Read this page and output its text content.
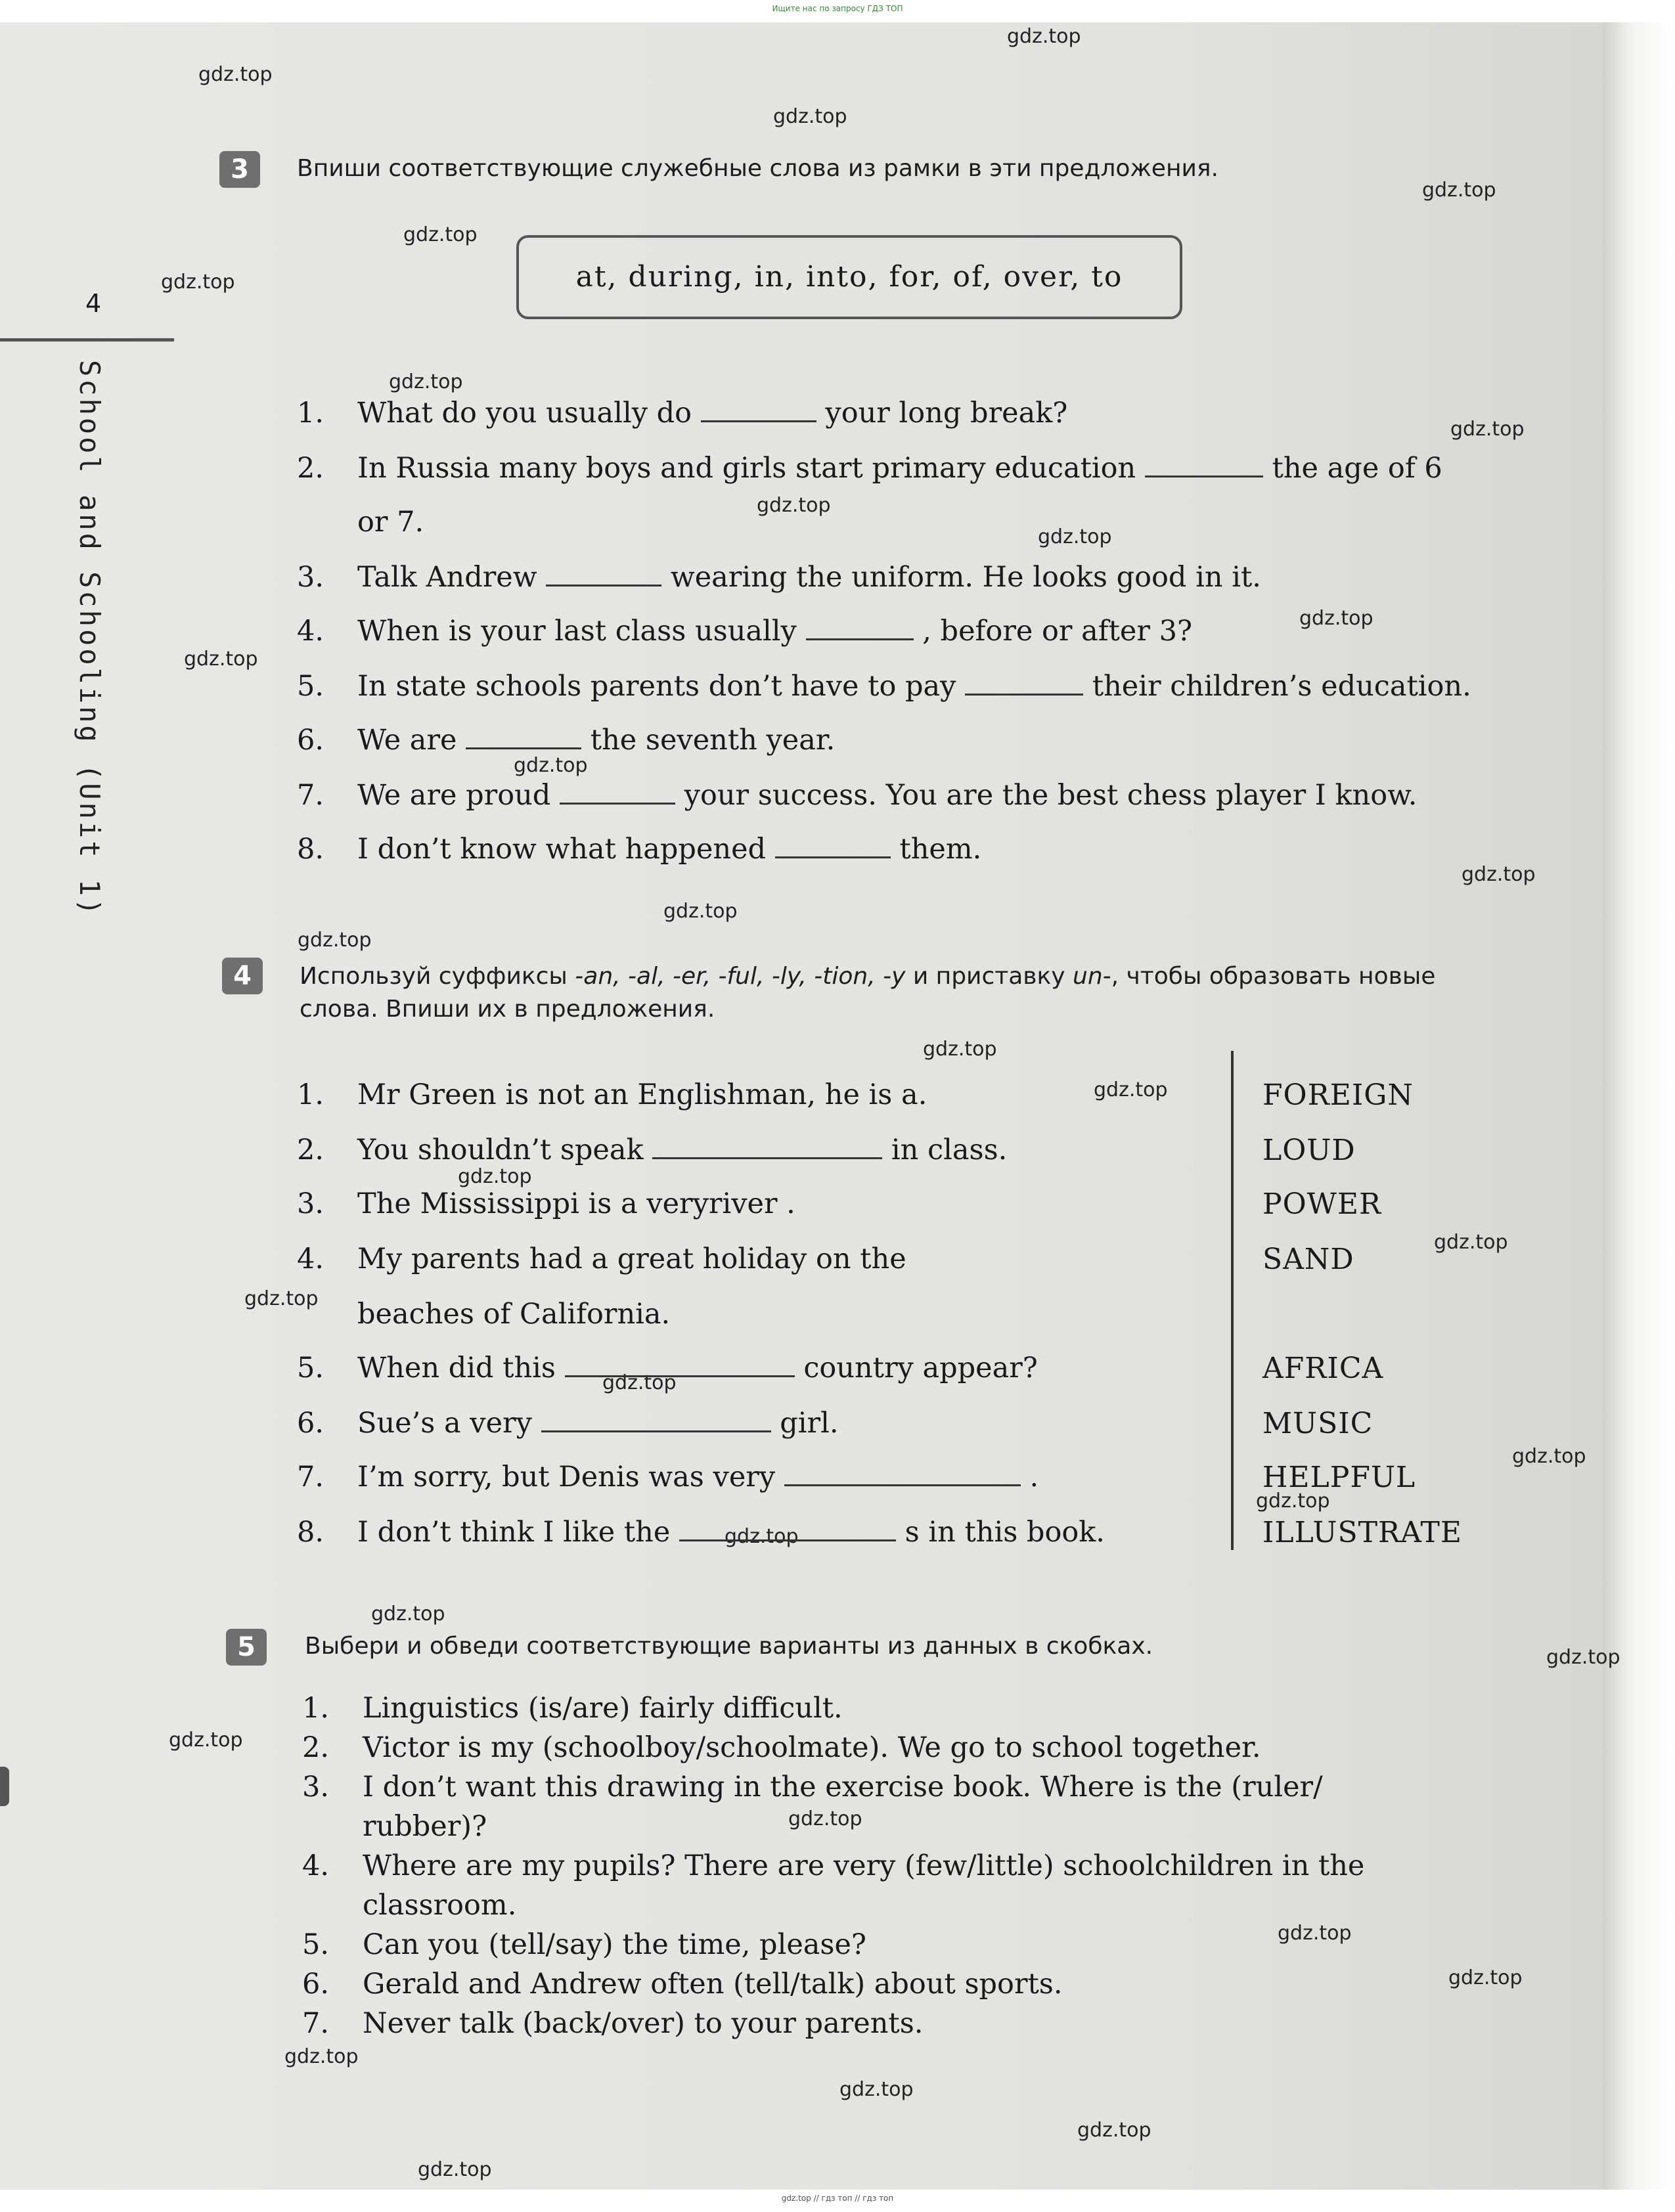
Ищите нас по запросу ГДЗ ТОП
gdz.top // гдз топ // гдз топ
gdz.top
gdz.top
gdz.top
gdz.top
gdz.top
gdz.top
gdz.top
gdz.top
gdz.top
gdz.top
gdz.top
gdz.top
gdz.top
gdz.top
gdz.top
gdz.top
gdz.top
gdz.top
gdz.top
gdz.top
gdz.top
gdz.top
gdz.top
gdz.top
gdz.top
gdz.top
gdz.top
gdz.top
gdz.top
gdz.top
gdz.top
gdz.top
gdz.top
gdz.top
gdz.top
4
School and Schooling (Unit 1)
3	Впиши соответствующие служебные слова из рамки в эти предложения.
at, during, in, into, for, of, over, to
1. What do you usually do	your long break?
2. In Russia many boys and girls start primary education	the age of 6
or 7.
3. Talk Andrew	wearing the uniform. He looks good in it.
4. When is your last class usually	, before or after 3?
5. In state schools parents don’t have to pay	their children’s education.
6. We are	the seventh year.
7. We are proud	your success. You are the best chess player I know.
8. I don’t know what happened	them.
4	Используй суффиксы -an, -al, -er, -ful, -ly, -tion, -y и приставку un-, чтобы образовать новые
слова. Впиши их в предложения.
1. Mr Green is not an Englishman, he is a.
2. You shouldn’t speak	in class.
3. The Mississippi is a veryriver .
4. My parents had a great holiday on the
beaches of California.
5. When did this	country appear?
6. Sue’s a very	girl.
7. I’m sorry, but Denis was very	.
8. I don’t think I like the	s in this book.
FOREIGN
LOUD
POWER
SAND
AFRICA
MUSIC
HELPFUL
ILLUSTRATE
5	Выбери и обведи соответствующие варианты из данных в скобках.
1. Linguistics (is/are) fairly difficult.
2. Victor is my (schoolboy/schoolmate). We go to school together.
3. I don’t want this drawing in the exercise book. Where is the (ruler/
rubber)?
4. Where are my pupils? There are very (few/little) schoolchildren in the
classroom.
5. Can you (tell/say) the time, please?
6. Gerald and Andrew often (tell/talk) about sports.
7. Never talk (back/over) to your parents.
